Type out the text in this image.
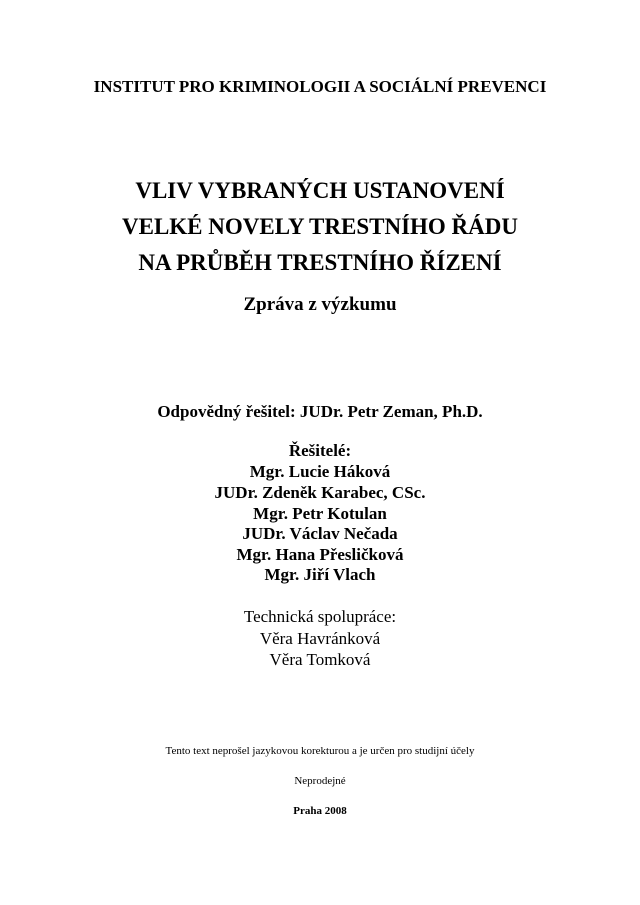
INSTITUT PRO KRIMINOLOGII A SOCIÁLNÍ PREVENCI
VLIV VYBRANÝCH USTANOVENÍ
VELKÉ NOVELY TRESTNÍHO ŘÁDU
NA PRŮBĚH TRESTNÍHO ŘÍZENÍ
Zpráva z výzkumu
Odpovědný řešitel: JUDr. Petr Zeman, Ph.D.
Řešitelé:
Mgr. Lucie Háková
JUDr. Zdeněk Karabec, CSc.
Mgr. Petr Kotulan
JUDr. Václav Nečada
Mgr. Hana Přesličková
Mgr. Jiří Vlach
Technická spolupráce:
Věra Havránková
Věra Tomková
Tento text neprošel jazykovou korekturou a je určen pro studijní účely
Neprodejné
Praha 2008
